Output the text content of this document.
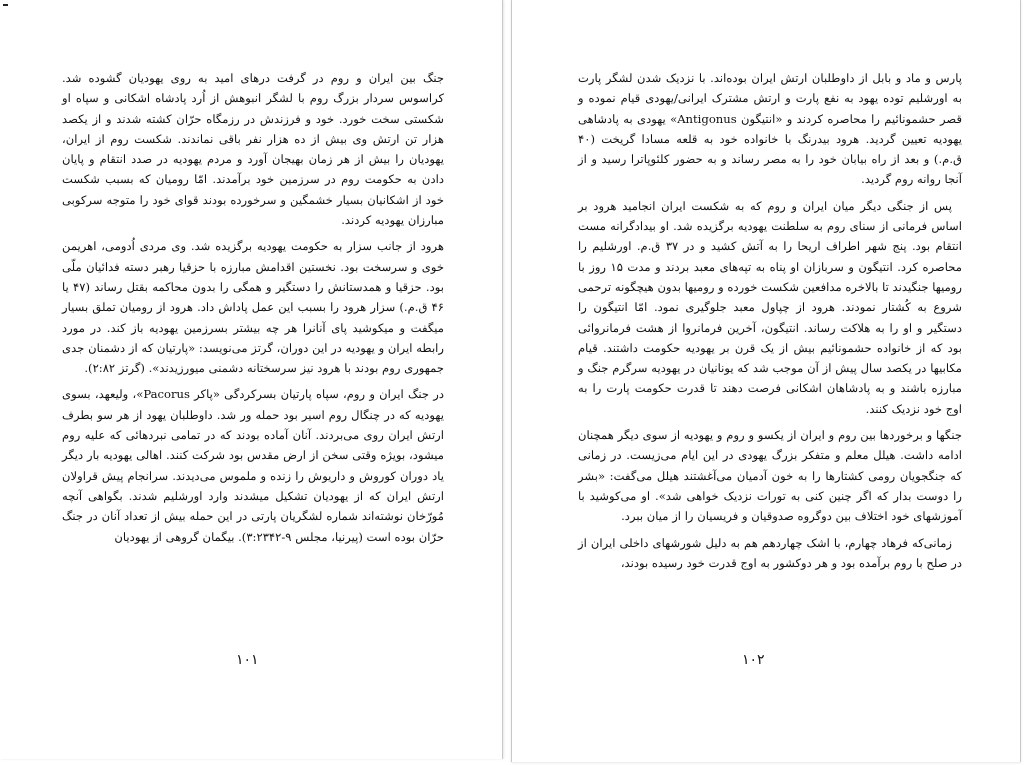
جنگ بین ایران و روم در گرفت درهای امید به روی یهودیان گشوده شد. کراسوس سردار بزرگ روم با لشگر انبوهش از اُرد پادشاه اشکانی و سپاه او شکستی سخت خورد. خود و فرزندش در رزمگاه حرّان کشته شدند و از یکصد هزار تن ارتش وی بیش از ده هزار نفر باقی نماندند. شکست روم از ایران، یهودیان را بیش از هر زمان بهیجان آورد و مردم یهودیه در صدد انتقام و پایان دادن به حکومت روم در سرزمین خود برآمدند. امّا رومیان که بسبب شکست خود از اشکانیان بسیار خشمگین و سرخورده بودند قوای خود را متوجه سرکوبی مبارزان یهودیه کردند.

هرود از جانب سزار به حکومت یهودیه برگزیده شد. وی مردی اُدومی، اهریمن خوی و سرسخت بود. نخستین اقدامش مبارزه با حزقیا رهبر دسته فدائیان ملّی بود. حزقیا و همدستانش را دستگیر و همگی را بدون محاکمه بقتل رساند (۴۷ یا ۴۶ ق.م.) سزار هرود را بسبب این عمل پاداش داد. هرود از رومیان تملق بسیار میگفت و میکوشید پای آنانرا هر چه بیشتر بسرزمین یهودیه باز کند. در مورد رابطه ایران و یهودیه در این دوران، گرتز می‌نویسد: «پارتیان که از دشمنان جدی جمهوری روم بودند با هرود نیز سرسختانه دشمنی میورزیدند». (گرتز ۲:۸۲).

در جنگ ایران و روم، سپاه پارتیان بسرکردگی «پاکر Pacorus»، ولیعهد، بسوی یهودیه که در چنگال روم اسیر بود حمله ور شد. داوطلبان یهود از هر سو بطرف ارتش ایران روی می‌بردند. آنان آماده بودند که در تمامی نبردهائی که علیه روم میشود، بویژه وقتی سخن از ارض مقدس بود شرکت کنند. اهالی یهودیه بار دیگر یاد دوران کوروش و داریوش را زنده و ملموس می‌دیدند. سرانجام پیش قراولان ارتش ایران که از یهودیان تشکیل میشدند وارد اورشلیم شدند. بگواهی آنچه مُورّخان نوشته‌اند شماره لشگریان پارتی در این حمله بیش از تعداد آنان در جنگ حرّان بوده است (پیرنیا، مجلس ۹-۳:۲۳۴۲). بیگمان گروهی از یهودیان

۱۰۱

پارس و ماد و بابل از داوطلبان ارتش ایران بوده‌اند. با نزدیک شدن لشگر پارت به اورشلیم توده یهود به نفع پارت و ارتش مشترک ایرانی/یهودی قیام نموده و قصر حشمونائیم را محاصره کردند و «انتیگون Antigonus» یهودی به پادشاهی یهودیه تعیین گردید. هرود بیدرنگ با خانواده خود به قلعه مسادا گریخت (۴۰ ق.م.) و بعد از راه بیابان خود را به مصر رساند و به حضور کلئوپاترا رسید و از آنجا روانه روم گردید.

پس از جنگی دیگر میان ایران و روم که به شکست ایران انجامید هرود بر اساس فرمانی از سنای روم به سلطنت یهودیه برگزیده شد. او بیدادگرانه مست انتقام بود. پنج شهر اطراف اریحا را به آتش کشید و در ۳۷ ق.م. اورشلیم را محاصره کرد. انتیگون و سربازان او پناه به تپه‌های معبد بردند و مدت ۱۵ روز با رومیها جنگیدند تا بالاخره مدافعین شکست خورده و رومیها بدون هیچگونه ترحمی شروع به کُشتار نمودند. هرود از چپاول معبد جلوگیری نمود. امّا انتیگون را دستگیر و او را به هلاکت رساند. انتیگون، آخرین فرمانروا از هشت فرمانروائی بود که از خانواده حشمونائیم بیش از یک قرن بر یهودیه حکومت داشتند. قیام مکابیها در یکصد سال پیش از آن موجب شد که یونانیان در یهودیه سرگرم جنگ و مبارزه باشند و به پادشاهان اشکانی فرصت دهند تا قدرت حکومت پارت را به اوج خود نزدیک کنند.

جنگها و برخوردها بین روم و ایران از یکسو و روم و یهودیه از سوی دیگر همچنان ادامه داشت. هیلل معلم و متفکر بزرگ یهودی در این ایام می‌زیست. در زمانی که جنگجویان رومی کشتارها را به خون آدمیان می‌آغشتند هیلل می‌گفت: «بشر را دوست بدار که اگر چنین کنی به تورات نزدیک خواهی شد». او می‌کوشید با آموزشهای خود اختلاف بین دوگروه صدوقیان و فریسیان را از میان ببرد.

زمانی‌که فرهاد چهارم، با اشک چهاردهم هم به دلیل شورشهای داخلی ایران از در صلح با روم برآمده بود و هر دوکشور به اوج قدرت خود رسیده بودند،

۱۰۲
